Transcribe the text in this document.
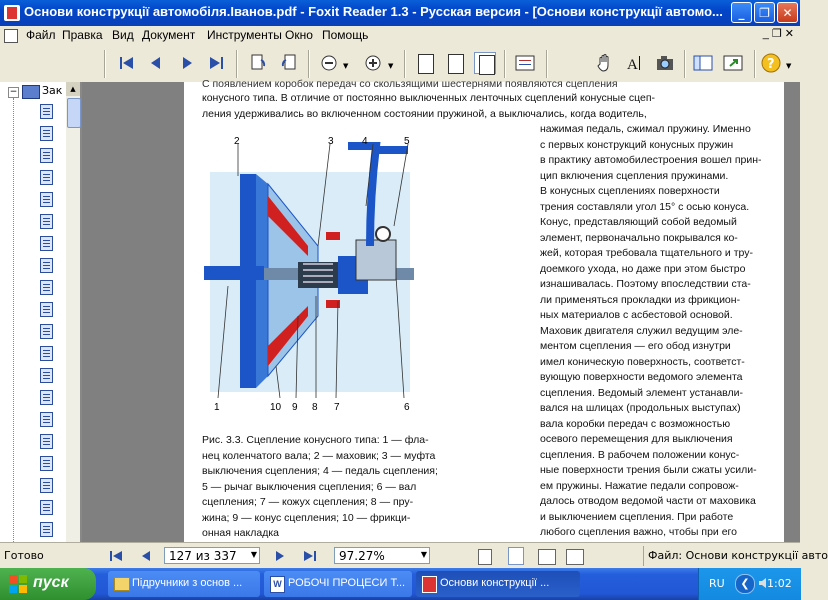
Основи конструкції автомобіля.Іванов.pdf - Foxit Reader 1.3 - Русская версия - [Основи конструкції автомо...	_	❐	✕
Файл Правка Вид Документ Инструменты Окно Помощь	_ ❐ ✕
▼	▼	A	? ▼
− Зак	▲	С появлением коробок передач со скользящими шестернями появляются сцепления
конусного типа. В отличие от постоянно выключенных ленточных сцеплений конусные сцеп-
ления удерживались во включенном состоянии пружиной, а выключались, когда водитель,
нажимая педаль, сжимал пружину. Именно
с первых конструкций конусных пружин
в практику автомобилестроения вошел прин-
цип включения сцепления пружинами.
В конусных сцеплениях поверхности
трения составляли угол 15° с осью конуса.
Конус, представляющий собой ведомый
элемент, первоначально покрывался ко-
жей, которая требовала тщательного и тру-
доемкого ухода, но даже при этом быстро
изнашивалась. Поэтому впоследствии ста-
ли применяться прокладки из фрикцион-
ных материалов с асбестовой основой.
Маховик двигателя служил ведущим эле-
ментом сцепления — его обод изнутри
имел коническую поверхность, соответст-
вующую поверхности ведомого элемента
сцепления. Ведомый элемент устанавли-
вался на шлицах (продольных выступах)
вала коробки передач с возможностью
осевого перемещения для выключения
сцепления. В рабочем положении конус-
ные поверхности трения были сжаты усили-
ем пружины. Нажатие педали сопровож-
далось отводом ведомой части от маховика
и выключением сцепления. При работе
любого сцепления важно, чтобы при его
2	3	4	5
1	10 9 8 7	6
Рис. 3.3. Сцепление конусного типа: 1 — фла-
нец коленчатого вала; 2 — маховик; 3 — муфта
выключения сцепления; 4 — педаль сцепления;
5 — рычаг выключения сцепления; 6 — вал
сцепления; 7 — кожух сцепления; 8 — пру-
жина; 9 — конус сцепления; 10 — фрикци-
онная накладка
Готово	127 из 337 ▼	97.27%	▼	Файл: Основи конструкції авто
пуск	Підручники з основ ...	W РОБОЧІ ПРОЦЕСИ Т...	Основи конструкції ...	RU	❮	1:02
